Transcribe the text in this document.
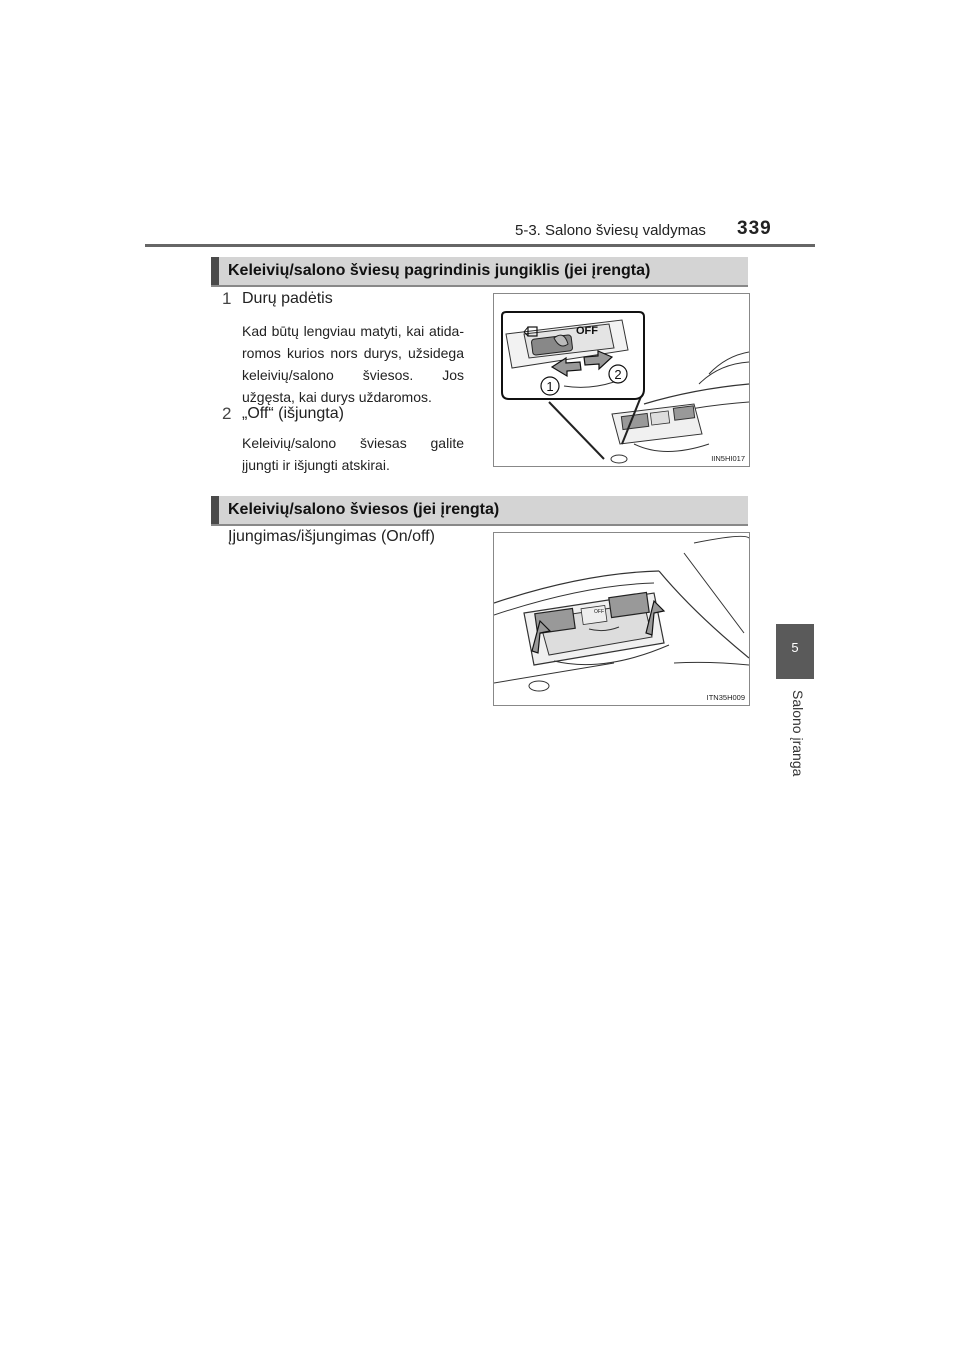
5-3. Salono šviesų valdymas 339
Keleivių/salono šviesų pagrindinis jungiklis (jei įrengta)
1 Durų padėtis
Kad būtų lengviau matyti, kai atida-romos kurios nors durys, užsidega keleivių/salono šviesos. Jos užgęsta, kai durys uždaromos.
2 „Off“ (išjungta)
Keleivių/salono šviesas galite įjungti ir išjungti atskirai.
OFF
1
2
IIN5HI017
Keleivių/salono šviesos (jei įrengta)
Įjungimas/išjungimas (On/off)
OFF
ITN35H009
5
Salono įranga
